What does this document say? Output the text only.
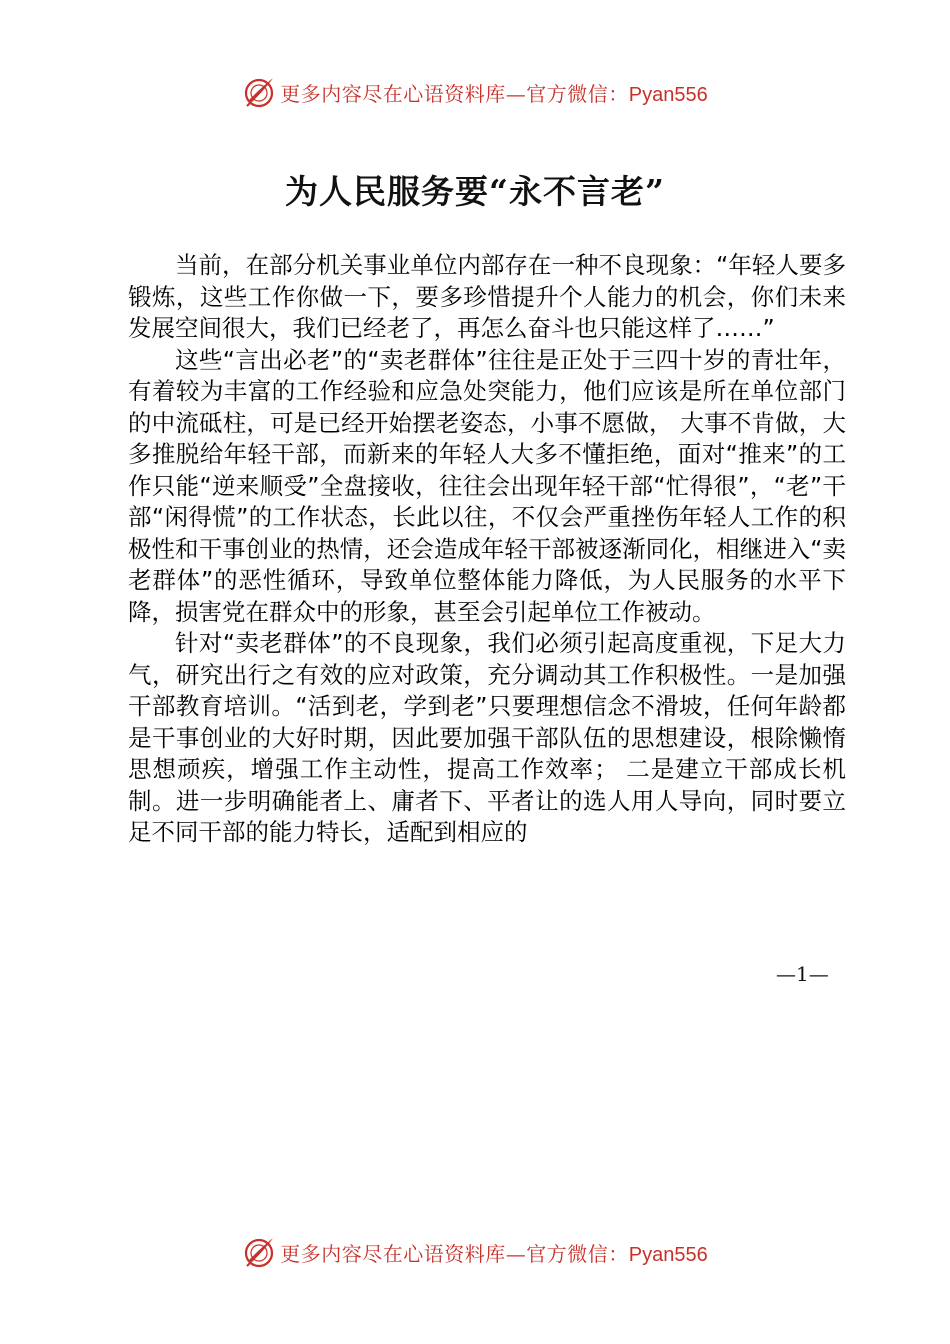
更多内容尽在心语资料库—官方微信：Pyan556
为人民服务要“永不言老”

当前，在部分机关事业单位内部存在一种不良现象：“年轻人要多锻炼，这些工作你做一下，要多珍惜提升个人能力的机会，你们未来发展空间很大，我们已经老了，再怎么奋斗也只能这样了……”

这些“言出必老”的“卖老群体”往往是正处于三四十岁的青壮年，有着较为丰富的工作经验和应急处突能力，他们应该是所在单位部门的中流砥柱，可是已经开始摆老姿态，小事不愿做， 大事不肯做，大多推脱给年轻干部，而新来的年轻人大多不懂拒绝，面对“推来”的工作只能“逆来顺受”全盘接收，往往会出现年轻干部“忙得很”，“老”干部“闲得慌”的工作状态，长此以往，不仅会严重挫伤年轻人工作的积极性和干事创业的热情，还会造成年轻干部被逐渐同化，相继进入“卖老群体”的恶性循环，导致单位整体能力降低，为人民服务的水平下降，损害党在群众中的形象，甚至会引起单位工作被动。

针对“卖老群体”的不良现象，我们必须引起高度重视，下足大力气，研究出行之有效的应对政策，充分调动其工作积极性。一是加强干部教育培训。“活到老，学到老”只要理想信念不滑坡，任何年龄都是干事创业的大好时期，因此要加强干部队伍的思想建设，根除懒惰思想顽疾，增强工作主动性，提高工作效率； 二是建立干部成长机制。进一步明确能者上、庸者下、平者让的选人用人导向，同时要立足不同干部的能力特长，适配到相应的

—1—
更多内容尽在心语资料库—官方微信：Pyan556
